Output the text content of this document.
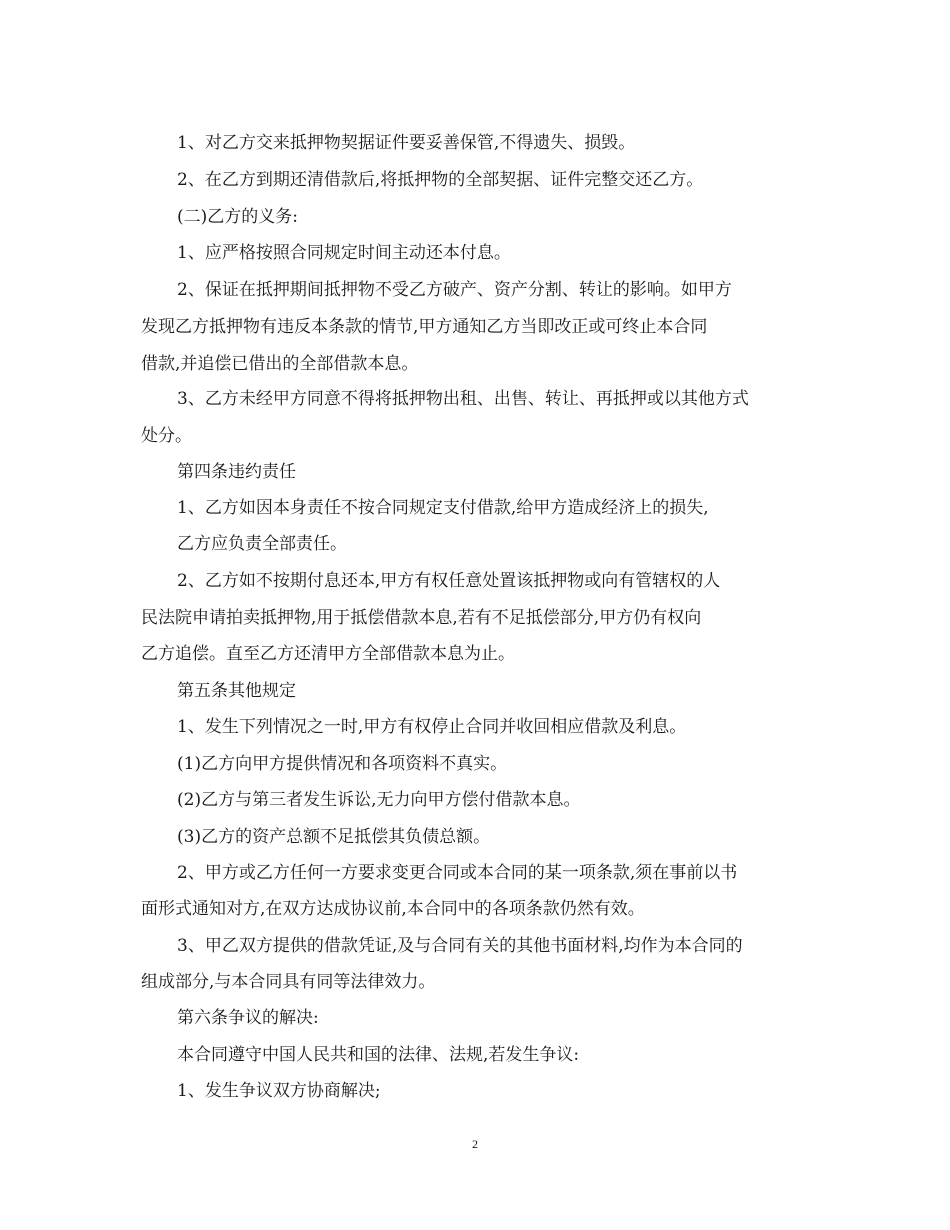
1、对乙方交来抵押物契据证件要妥善保管,不得遗失、损毁。
2、在乙方到期还清借款后,将抵押物的全部契据、证件完整交还乙方。
(二)乙方的义务:
1、应严格按照合同规定时间主动还本付息。
2、保证在抵押期间抵押物不受乙方破产、资产分割、转让的影响。如甲方
发现乙方抵押物有违反本条款的情节,甲方通知乙方当即改正或可终止本合同
借款,并追偿已借出的全部借款本息。
3、乙方未经甲方同意不得将抵押物出租、出售、转让、再抵押或以其他方式
处分。
第四条违约责任
1、乙方如因本身责任不按合同规定支付借款,给甲方造成经济上的损失,
乙方应负责全部责任。
2、乙方如不按期付息还本,甲方有权任意处置该抵押物或向有管辖权的人
民法院申请拍卖抵押物,用于抵偿借款本息,若有不足抵偿部分,甲方仍有权向
乙方追偿。直至乙方还清甲方全部借款本息为止。
第五条其他规定
1、发生下列情况之一时,甲方有权停止合同并收回相应借款及利息。
(1)乙方向甲方提供情况和各项资料不真实。
(2)乙方与第三者发生诉讼,无力向甲方偿付借款本息。
(3)乙方的资产总额不足抵偿其负债总额。
2、甲方或乙方任何一方要求变更合同或本合同的某一项条款,须在事前以书
面形式通知对方,在双方达成协议前,本合同中的各项条款仍然有效。
3、甲乙双方提供的借款凭证,及与合同有关的其他书面材料,均作为本合同的
组成部分,与本合同具有同等法律效力。
第六条争议的解决:
本合同遵守中国人民共和国的法律、法规,若发生争议:
1、发生争议双方协商解决;
2
